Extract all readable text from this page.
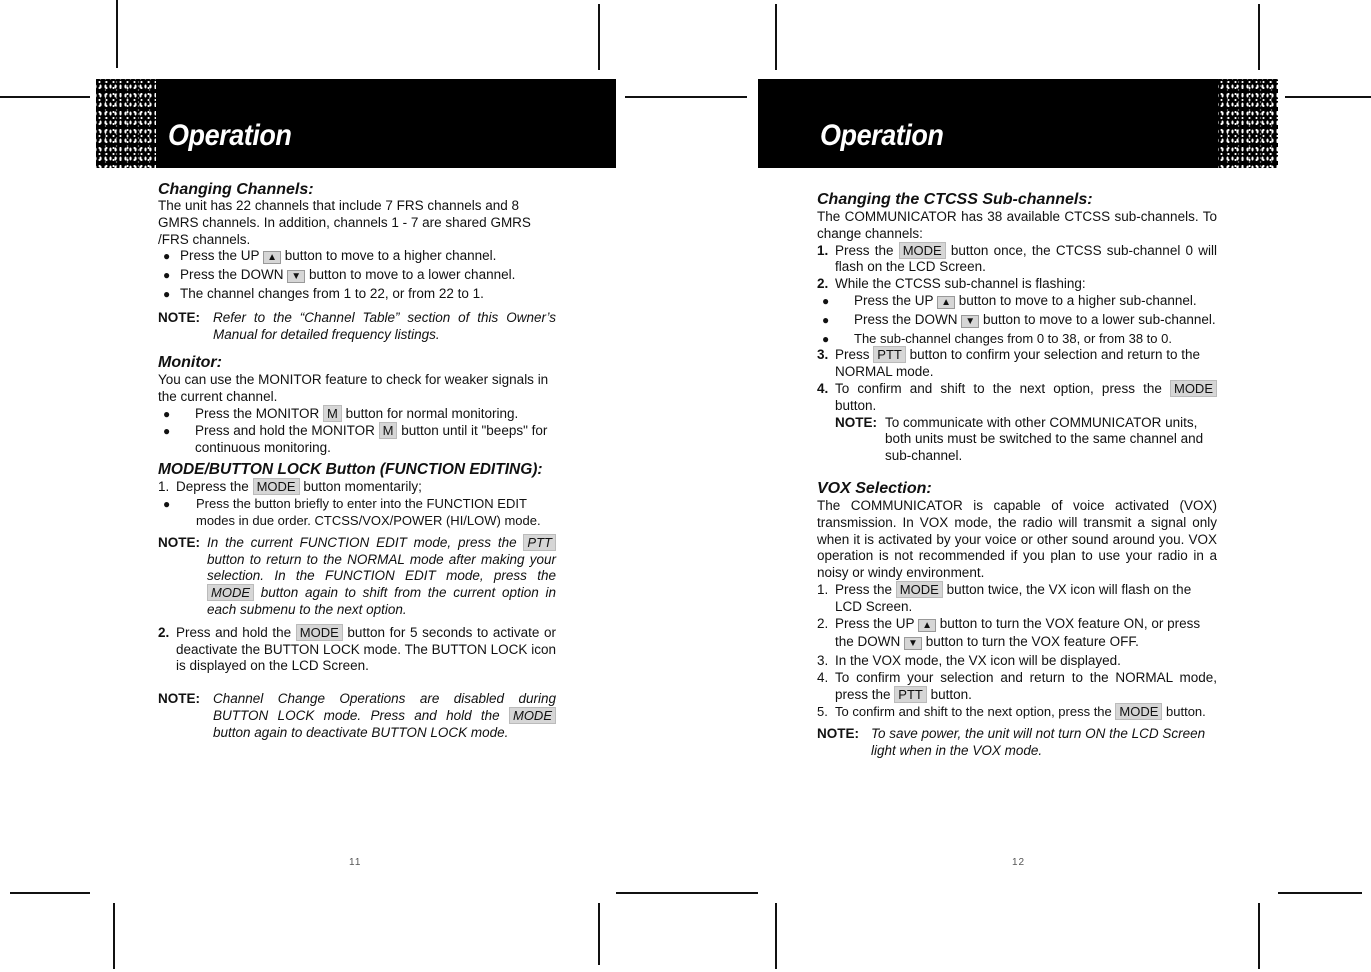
Operation

Changing Channels:

The unit has 22 channels that include 7 FRS channels and 8 GMRS channels. In addition, channels 1 - 7 are shared GMRS /FRS channels.

● Press the UP ▲ button to move to a higher channel.

● Press the DOWN ▼ button to move to a lower channel.

● The channel changes from 1 to 22, or from 22 to 1.

NOTE: Refer to the “Channel Table” section of this Owner’s Manual for detailed frequency listings.

Monitor:

You can use the MONITOR feature to check for weaker signals in the current channel.

● Press the MONITOR M button for normal monitoring.

● Press and hold the MONITOR M button until it "beeps" for continuous monitoring.

MODE/BUTTON LOCK Button (FUNCTION EDITING):

1. Depress the MODE button momentarily;

● Press the button briefly to enter into the FUNCTION EDIT modes in due order. CTCSS/VOX/POWER (HI/LOW) mode.

NOTE: In the current FUNCTION EDIT mode, press the PTT button to return to the NORMAL mode after making your selection. In the FUNCTION EDIT mode, press the MODE button again to shift from the current option in each submenu to the next option.

2. Press and hold the MODE button for 5 seconds to activate or deactivate the BUTTON LOCK mode. The BUTTON LOCK icon is displayed on the LCD Screen.

NOTE: Channel Change Operations are disabled during BUTTON LOCK mode. Press and hold the MODE button again to deactivate BUTTON LOCK mode.
11
Operation

Changing the CTCSS Sub-channels:

The COMMUNICATOR has 38 available CTCSS sub-channels. To change channels:

1. Press the MODE button once, the CTCSS sub-channel 0 will flash on the LCD Screen.

2. While the CTCSS sub-channel is flashing:

● Press the UP ▲ button to move to a higher sub-channel.

● Press the DOWN ▼ button to move to a lower sub-channel.

● The sub-channel changes from 0 to 38, or from 38 to 0.

3. Press PTT button to confirm your selection and return to the NORMAL mode.

4. To confirm and shift to the next option, press the MODE button.

NOTE: To communicate with other COMMUNICATOR units, both units must be switched to the same channel and sub-channel.

VOX Selection:

The COMMUNICATOR is capable of voice activated (VOX) transmission. In VOX mode, the radio will transmit a signal only when it is activated by your voice or other sound around you. VOX operation is not recommended if you plan to use your radio in a noisy or windy environment.

1. Press the MODE button twice, the VX icon will flash on the LCD Screen.

2. Press the UP ▲ button to turn the VOX feature ON, or press the DOWN ▼ button to turn the VOX feature OFF.

3. In the VOX mode, the VX icon will be displayed.

4. To confirm your selection and return to the NORMAL mode, press the PTT button.

5. To confirm and shift to the next option, press the MODE button.

NOTE: To save power, the unit will not turn ON the LCD Screen light when in the VOX mode.
12
